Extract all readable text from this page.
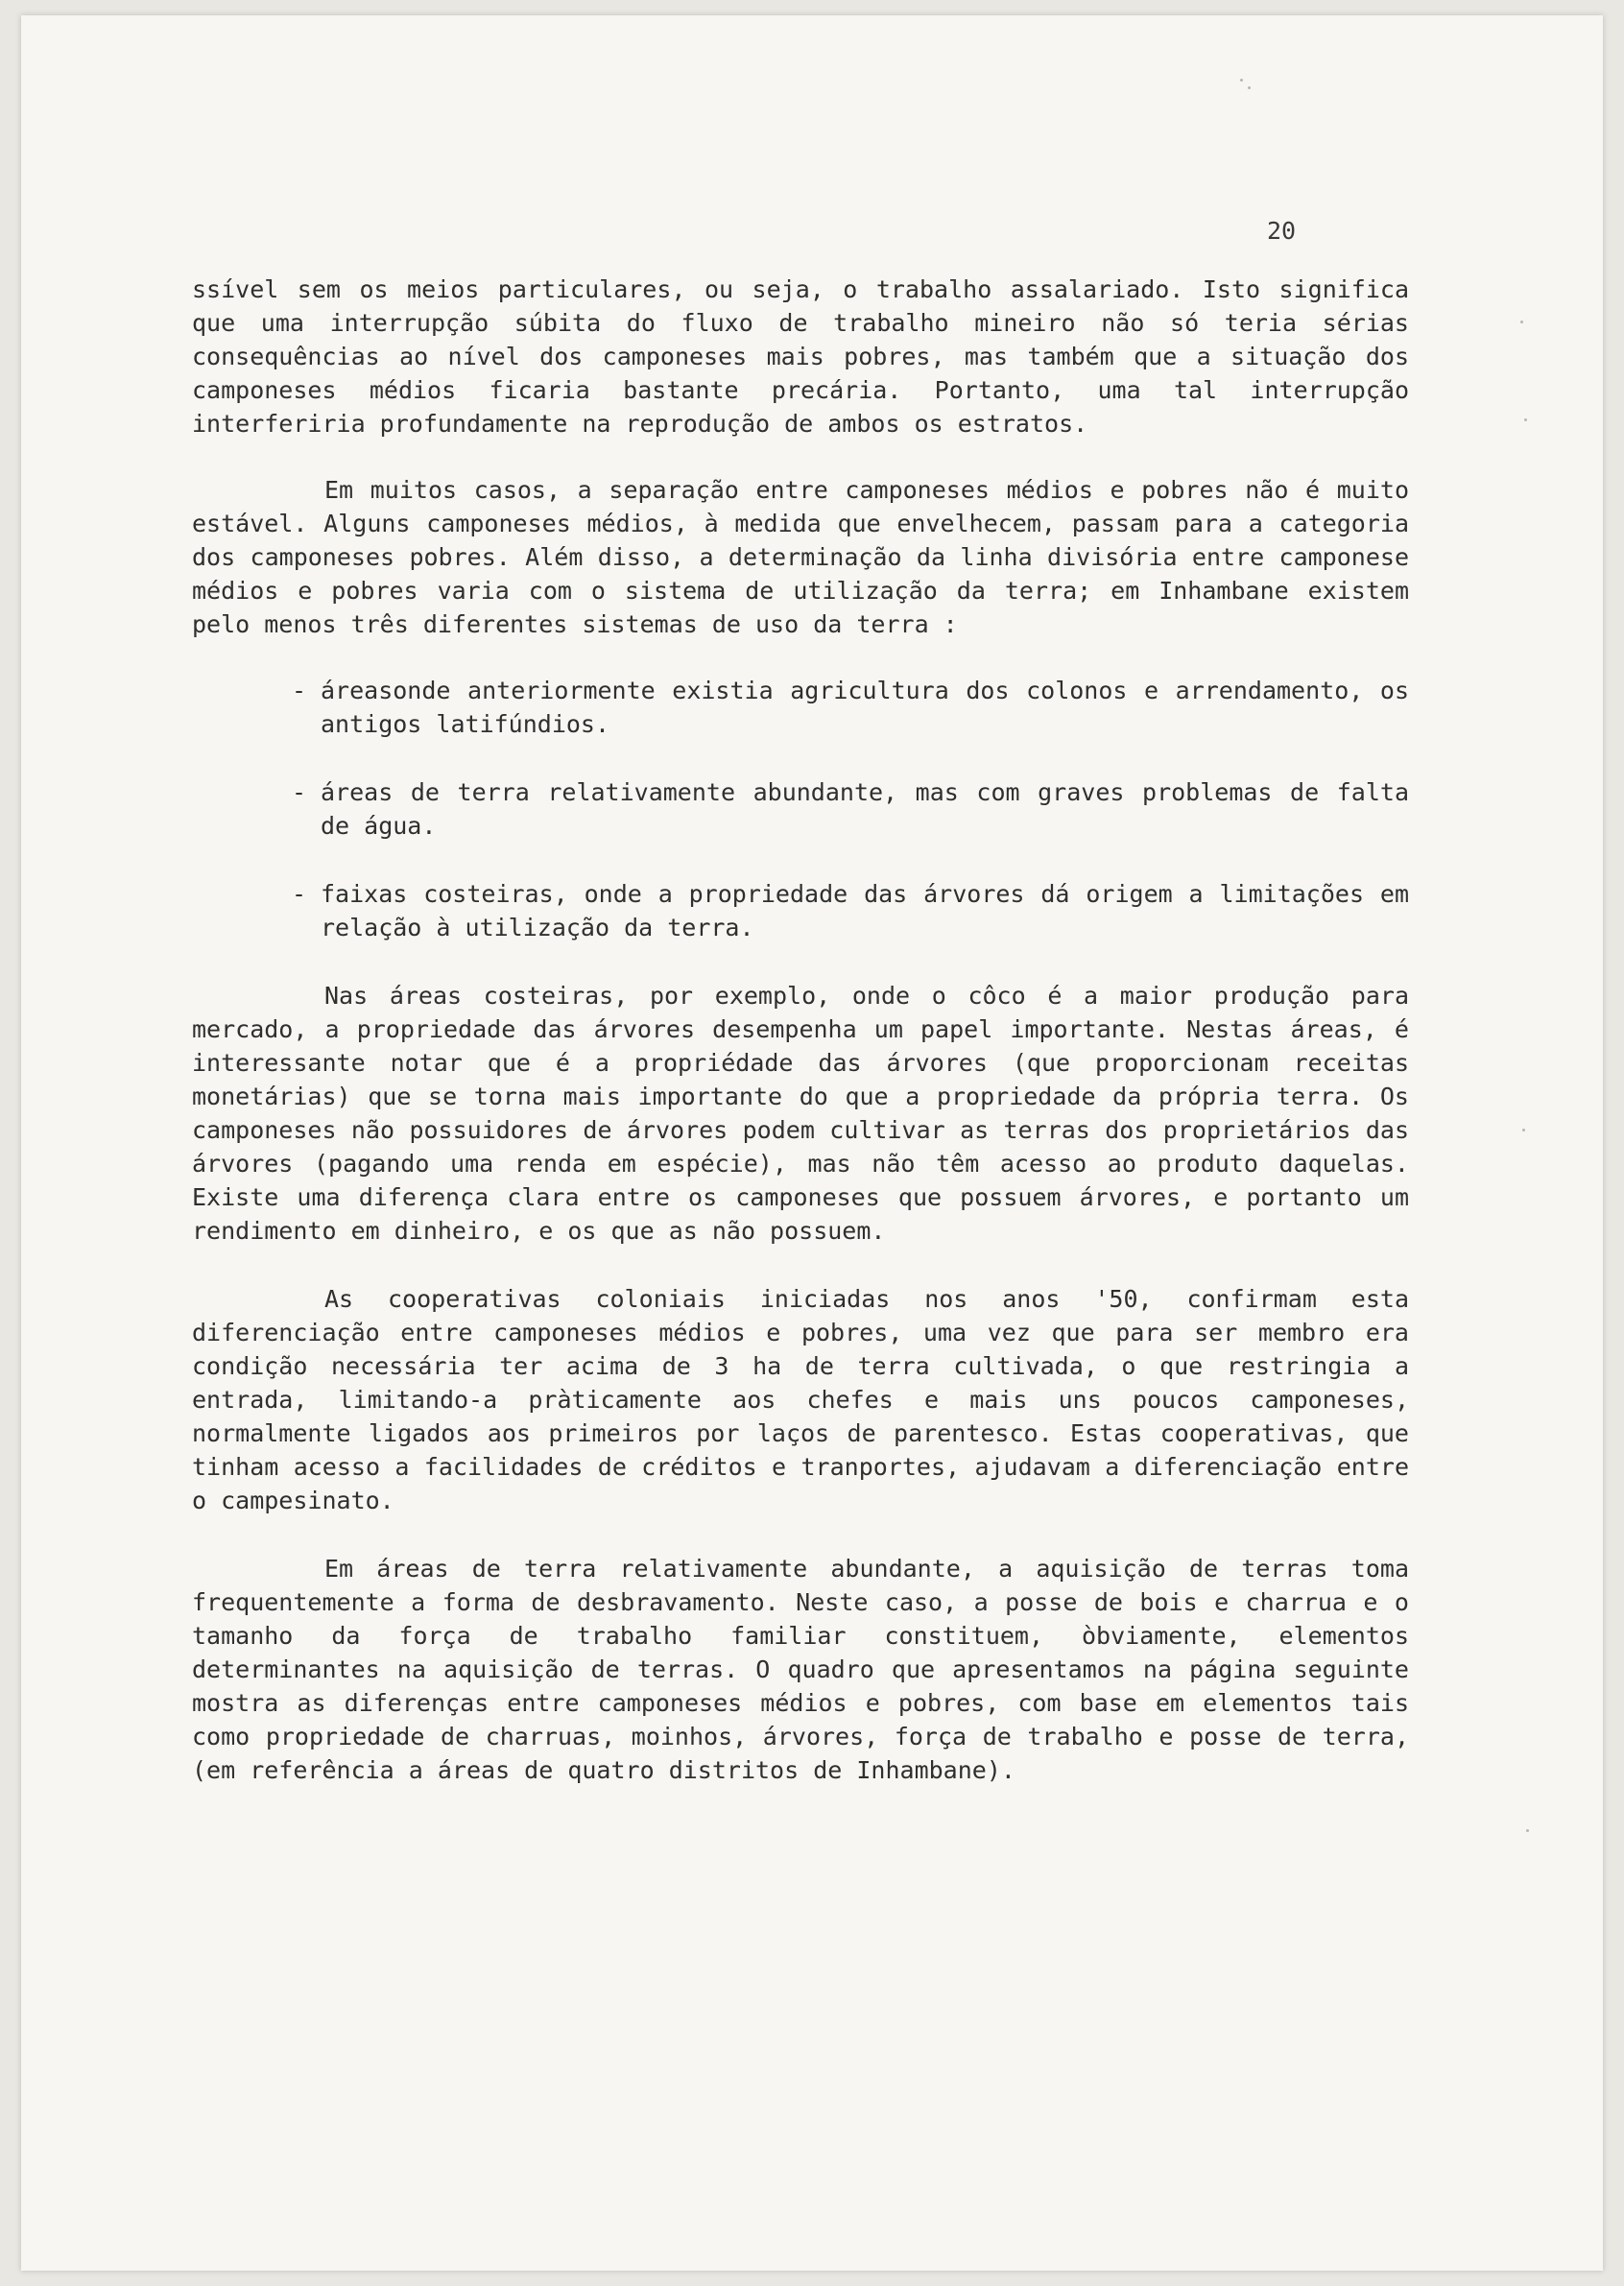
20

ssível sem os meios particulares, ou seja, o trabalho assalariado. Isto significa que uma interrupção súbita do fluxo de trabalho mineiro não só teria sérias consequências ao nível dos camponeses mais pobres, mas também que a situação dos camponeses médios ficaria bastante precária. Portanto, uma tal interrupção interferiria profundamente na reprodução de ambos os estratos.

Em muitos casos, a separação entre camponeses médios e pobres não é muito estável. Alguns camponeses médios, à medida que envelhecem, passam para a categoria dos camponeses pobres. Além disso, a determinação da linha divisória entre camponese médios e pobres varia com o sistema de utilização da terra; em Inhambane existem pelo menos três diferentes sistemas de uso da terra :

- áreasonde anteriormente existia agricultura dos colonos e arrendamento, os antigos latifúndios.
- áreas de terra relativamente abundante, mas com graves problemas de falta de água.
- faixas costeiras, onde a propriedade das árvores dá origem a limitações em relação à utilização da terra.

Nas áreas costeiras, por exemplo, onde o côco é a maior produção para mercado, a propriedade das árvores desempenha um papel importante. Nestas áreas, é interessante notar que é a propriédade das árvores (que proporcionam receitas monetárias) que se torna mais importante do que a propriedade da própria terra. Os camponeses não possuidores de árvores podem cultivar as terras dos proprietários das árvores (pagando uma renda em espécie), mas não têm acesso ao produto daquelas. Existe uma diferença clara entre os camponeses que possuem árvores, e portanto um rendimento em dinheiro, e os que as não possuem.

As cooperativas coloniais iniciadas nos anos '50, confirmam esta diferenciação entre camponeses médios e pobres, uma vez que para ser membro era condição necessária ter acima de 3 ha de terra cultivada, o que restringia a entrada, limitando-a pràticamente aos chefes e mais uns poucos camponeses, normalmente ligados aos primeiros por laços de parentesco. Estas cooperativas, que tinham acesso a facilidades de créditos e tranportes, ajudavam a diferenciação entre o campesinato.

Em áreas de terra relativamente abundante, a aquisição de terras toma frequentemente a forma de desbravamento. Neste caso, a posse de bois e charrua e o tamanho da força de trabalho familiar constituem, òbviamente, elementos determinantes na aquisição de terras. O quadro que apresentamos na página seguinte mostra as diferenças entre camponeses médios e pobres, com base em elementos tais como propriedade de charruas, moinhos, árvores, força de trabalho e posse de terra, (em referência a áreas de quatro distritos de Inhambane).
